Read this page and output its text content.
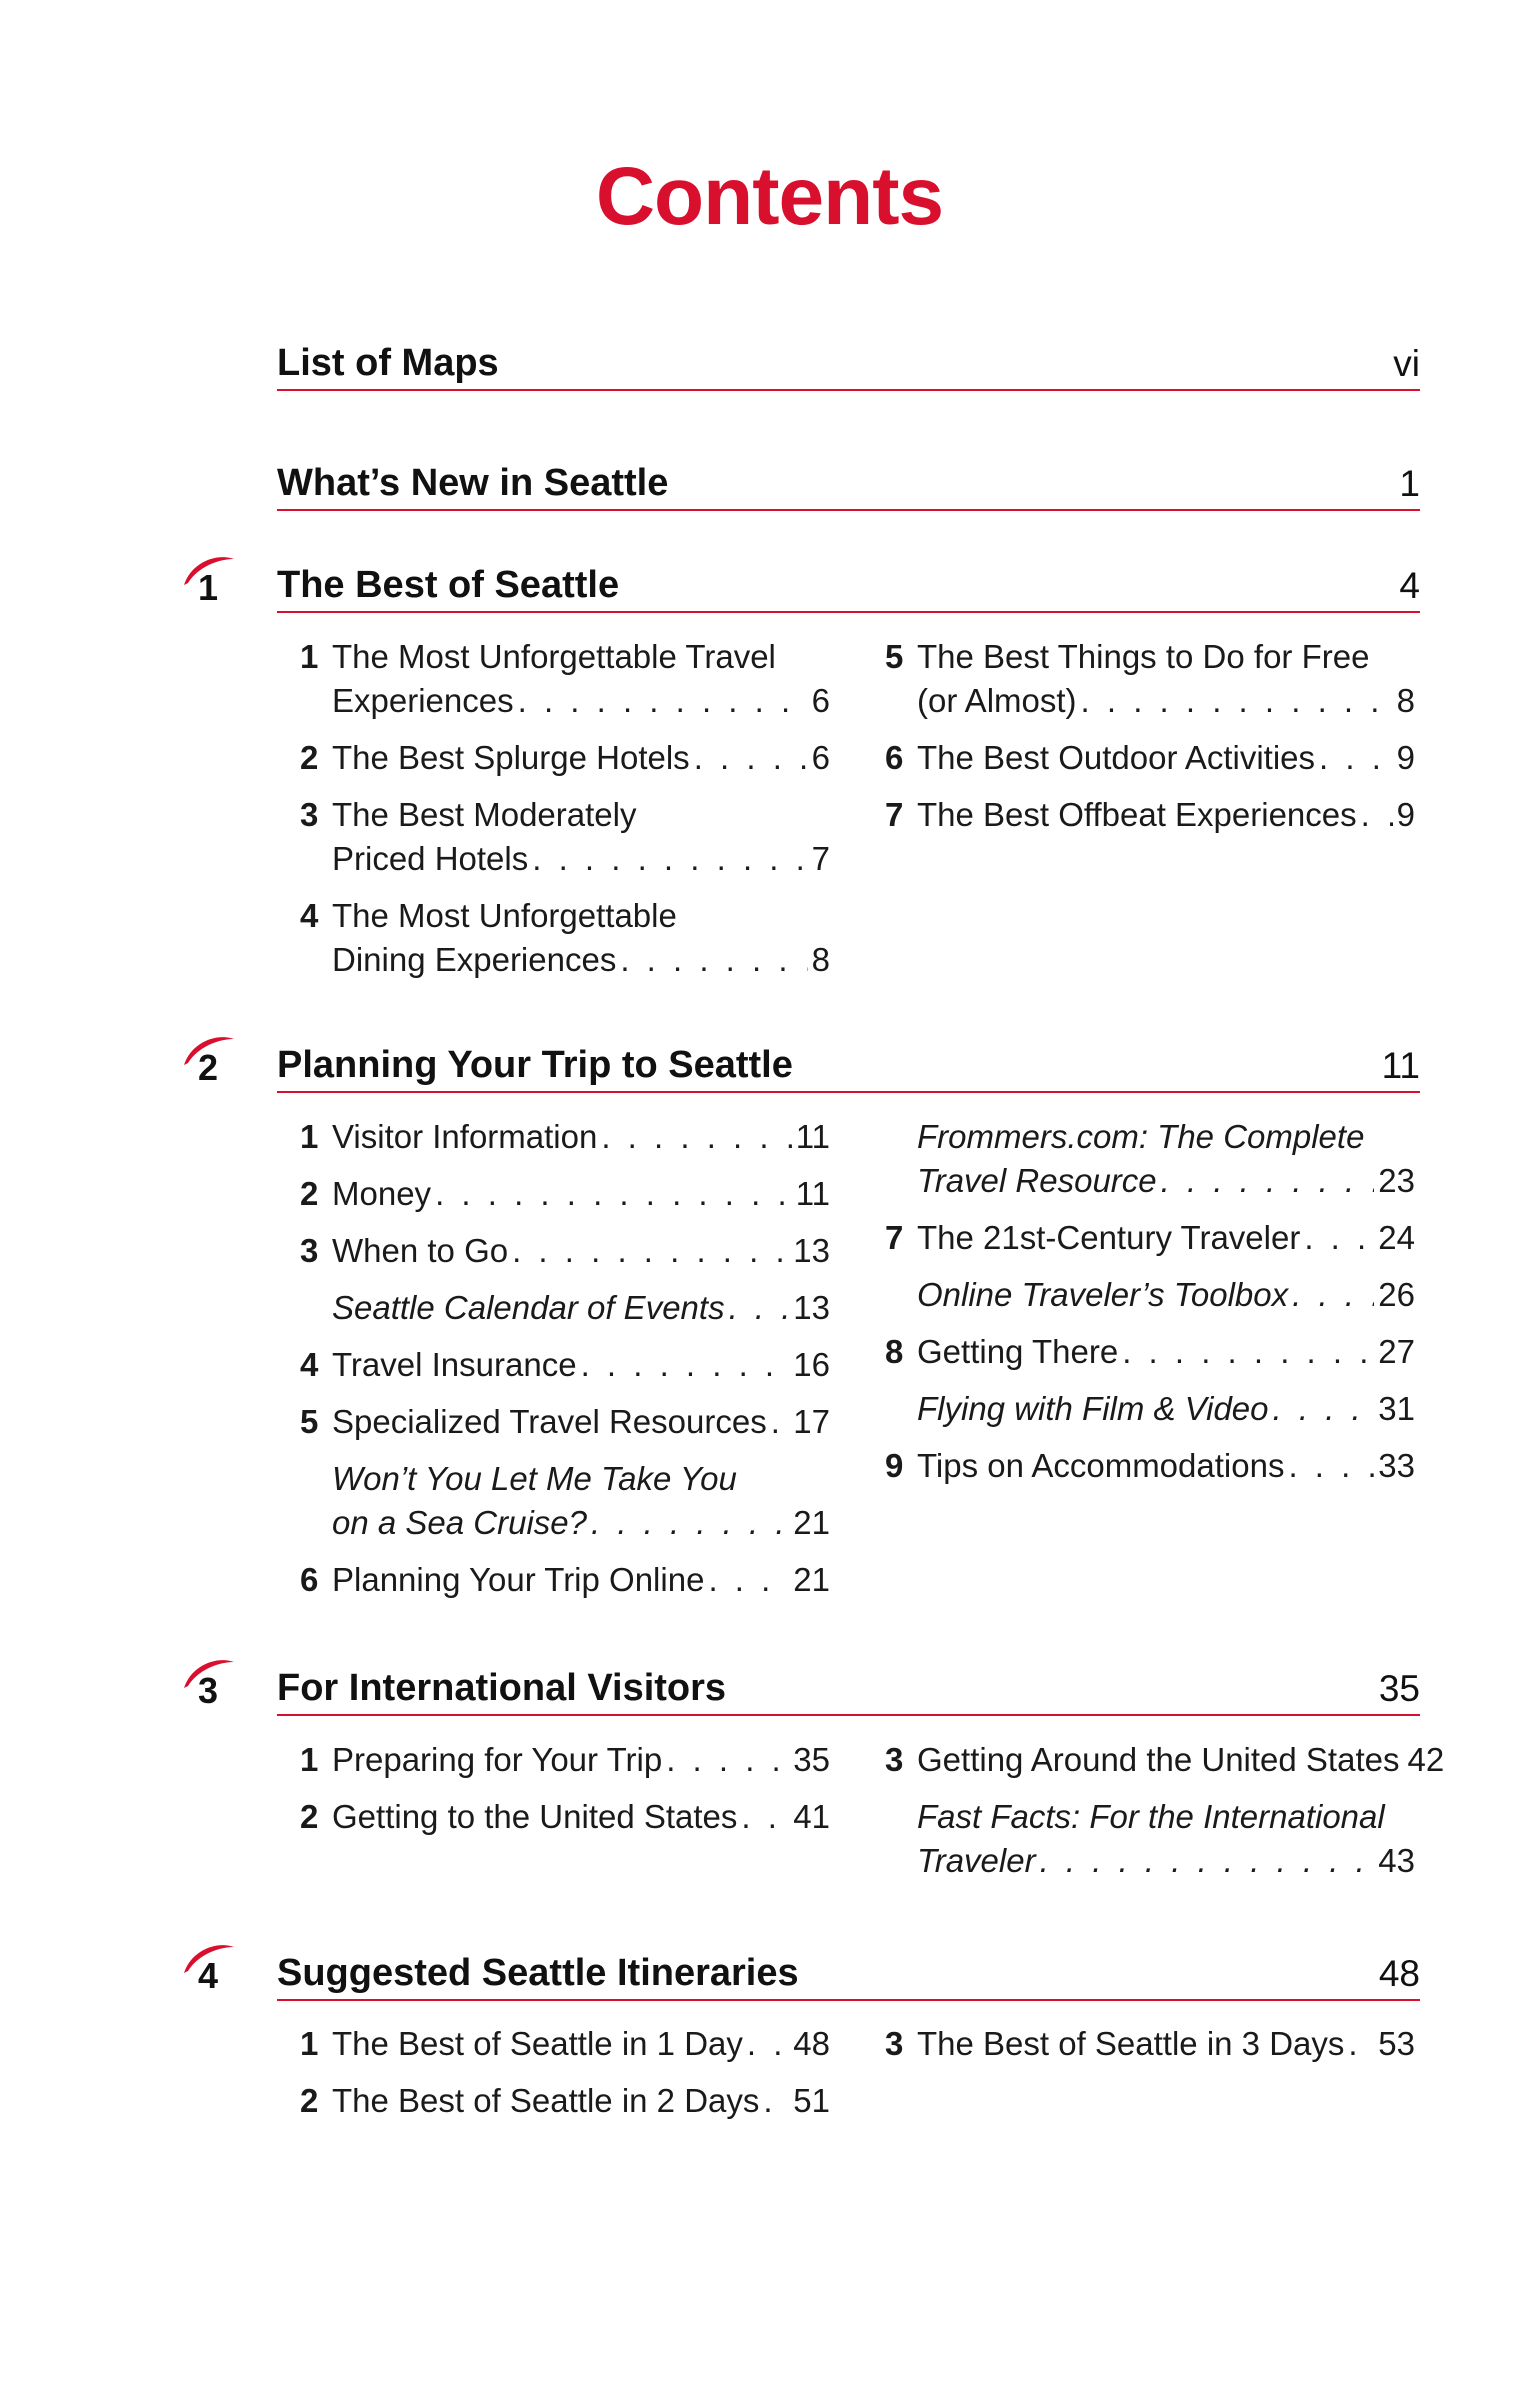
Contents
List of Maps	vi
What’s New in Seattle	1
1 The Best of Seattle	4
1 The Most Unforgettable Travel
Experiences . . .	6
2 The Best Splurge Hotels . . .	6
3 The Best Moderately
Priced Hotels . . .	7
4 The Most Unforgettable
Dining Experiences . . .	8
5 The Best Things to Do for Free
(or Almost) . . .	8
6 The Best Outdoor Activities . . . 9
7 The Best Offbeat Experiences . . . 9
2 Planning Your Trip to Seattle	11
1 Visitor Information . . .	11
2 Money . . .	11
3 When to Go . . .	13
Seattle Calendar of Events . . . 13
4 Travel Insurance . . .	16
5 Specialized Travel Resources . . . 17
Won’t You Let Me Take You
on a Sea Cruise? . . .	21
6 Planning Your Trip Online . . .	21
Frommers.com: The Complete
Travel Resource . . .	23
7 The 21st-Century Traveler . . . 24
Online Traveler’s Toolbox . . .	26
8 Getting There . . .	27
Flying with Film & Video . . .	31
9 Tips on Accommodations . . .	33
3 For International Visitors	35
1 Preparing for Your Trip . . .	35
2 Getting to the United States . . . 41
3 Getting Around the United States 42
Fast Facts: For the International
Traveler . . .	43
4 Suggested Seattle Itineraries	48
1 The Best of Seattle in 1 Day . . . 48
2 The Best of Seattle in 2 Days . . . 51
3 The Best of Seattle in 3 Days . . . 53
